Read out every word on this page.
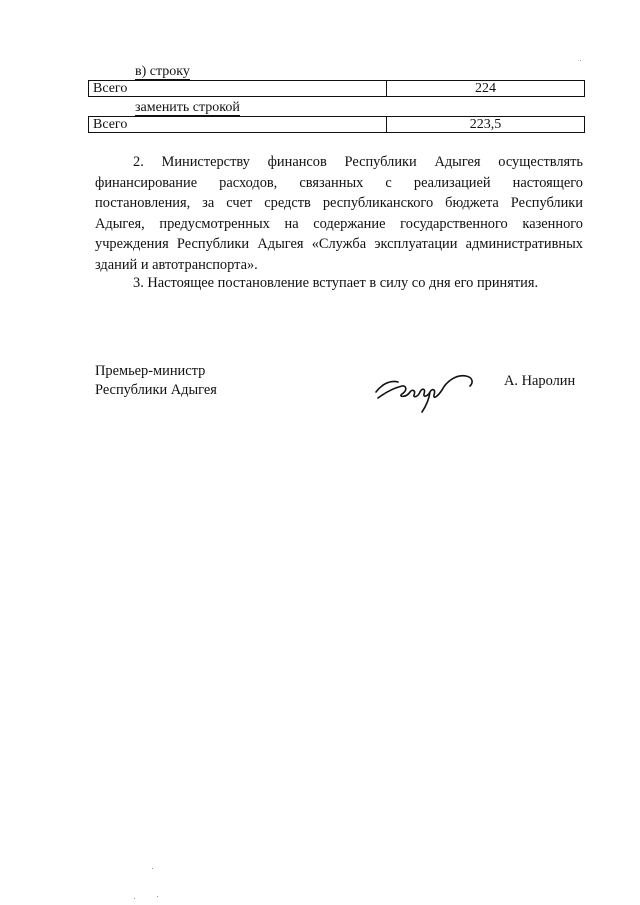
в) строку
Всего	224
заменить строкой
Всего	223,5

2. Министерству финансов Республики Адыгея осуществлять финансирование расходов, связанных с реализацией настоящего постановления, за счет средств республиканского бюджета Республики Адыгея, предусмотренных на содержание государственного казенного учреждения Республики Адыгея «Служба эксплуатации административных зданий и автотранспорта».

3. Настоящее постановление вступает в силу со дня его принятия.

Премьер-министр
Республики Адыгея
А. Наролин
